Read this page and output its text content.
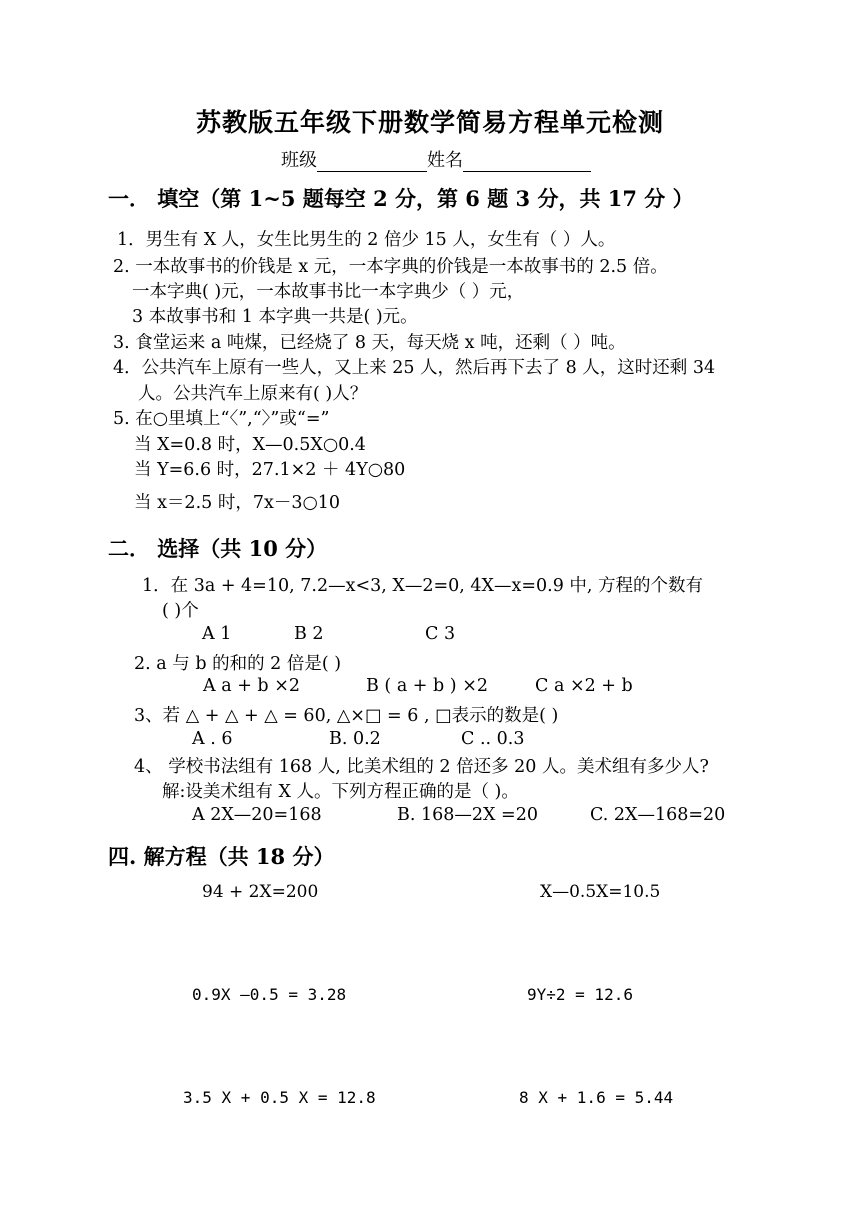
苏教版五年级下册数学简易方程单元检测
班级	姓名
一． 填空（第 1~5 题每空 2 分，第 6 题 3 分，共 17 分 ）
1．男生有 X 人，女生比男生的 2 倍少 15 人，女生有（ ）人。
2. 一本故事书的价钱是 x 元，一本字典的价钱是一本故事书的 2.5 倍。
一本字典( )元，一本故事书比一本字典少（ ）元，
3 本故事书和 1 本字典一共是( )元。
3. 食堂运来 a 吨煤，已经烧了 8 天，每天烧 x 吨，还剩（ ）吨。
4．公共汽车上原有一些人，又上来 25 人，然后再下去了 8 人，这时还剩 34
人。公共汽车上原来有( )人？
5. 在○里填上“〈”,“〉”或“=”
当 X=0.8 时，X—0.5X○0.4
当 Y=6.6 时，27.1×2 ＋ 4Y○80
当 x＝2.5 时，7x－3○10
二． 选择（共 10 分）
1．在 3a + 4=10, 7.2—x<3, X—2=0, 4X—x=0.9 中, 方程的个数有
( )个
A 1	B 2	C 3
2. a 与 b 的和的 2 倍是( )
A a + b ×2	B ( a + b ) ×2	C a ×2 + b
3、若 △ + △ + △ = 60, △×□ = 6 , □表示的数是( )
A . 6	B. 0.2	C .. 0.3
4、 学校书法组有 168 人, 比美术组的 2 倍还多 20 人。美术组有多少人?
解:设美术组有 X 人。下列方程正确的是（ )。
A 2X—20=168	B. 168—2X =20	C. 2X—168=20
四. 解方程（共 18 分）
94 + 2X=200	X—0.5X=10.5
0.9X —0.5 = 3.28	9Y÷2 = 12.6
3.5 X + 0.5 X = 12.8	8 X + 1.6 = 5.44
